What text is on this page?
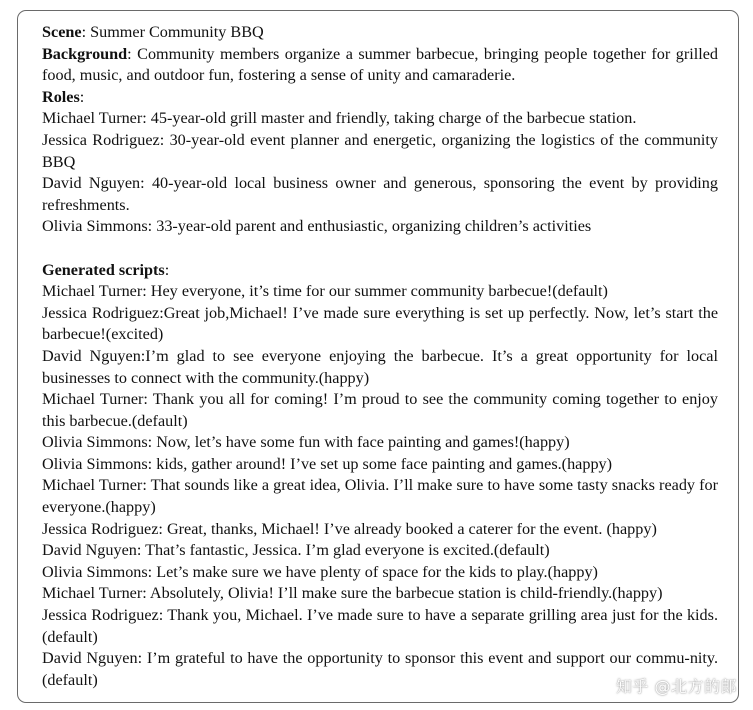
Scene: Summer Community BBQ

Background: Community members organize a summer barbecue, bringing people together for grilled food, music, and outdoor fun, fostering a sense of unity and camaraderie.

Roles:

Michael Turner: 45-year-old grill master and friendly, taking charge of the barbecue station.

Jessica Rodriguez: 30-year-old event planner and energetic, organizing the logistics of the community BBQ

David Nguyen: 40-year-old local business owner and generous, sponsoring the event by providing refreshments.

Olivia Simmons: 33-year-old parent and enthusiastic, organizing children’s activities

Generated scripts:

Michael Turner: Hey everyone, it’s time for our summer community barbecue!(default)

Jessica Rodriguez:Great job,Michael! I’ve made sure everything is set up perfectly. Now, let’s start the barbecue!(excited)

David Nguyen:I’m glad to see everyone enjoying the barbecue. It’s a great opportunity for local businesses to connect with the community.(happy)

Michael Turner: Thank you all for coming! I’m proud to see the community coming together to enjoy this barbecue.(default)

Olivia Simmons: Now, let’s have some fun with face painting and games!(happy)

Olivia Simmons: kids, gather around! I’ve set up some face painting and games.(happy)

Michael Turner: That sounds like a great idea, Olivia. I’ll make sure to have some tasty snacks ready for everyone.(happy)

Jessica Rodriguez: Great, thanks, Michael! I’ve already booked a caterer for the event. (happy)

David Nguyen: That’s fantastic, Jessica. I’m glad everyone is excited.(default)

Olivia Simmons: Let’s make sure we have plenty of space for the kids to play.(happy)

Michael Turner: Absolutely, Olivia! I’ll make sure the barbecue station is child-friendly.(happy)

Jessica Rodriguez: Thank you, Michael. I’ve made sure to have a separate grilling area just for the kids.(default)

David Nguyen: I’m grateful to have the opportunity to sponsor this event and support our commu-nity.(default)	知乎 @北方的郎
